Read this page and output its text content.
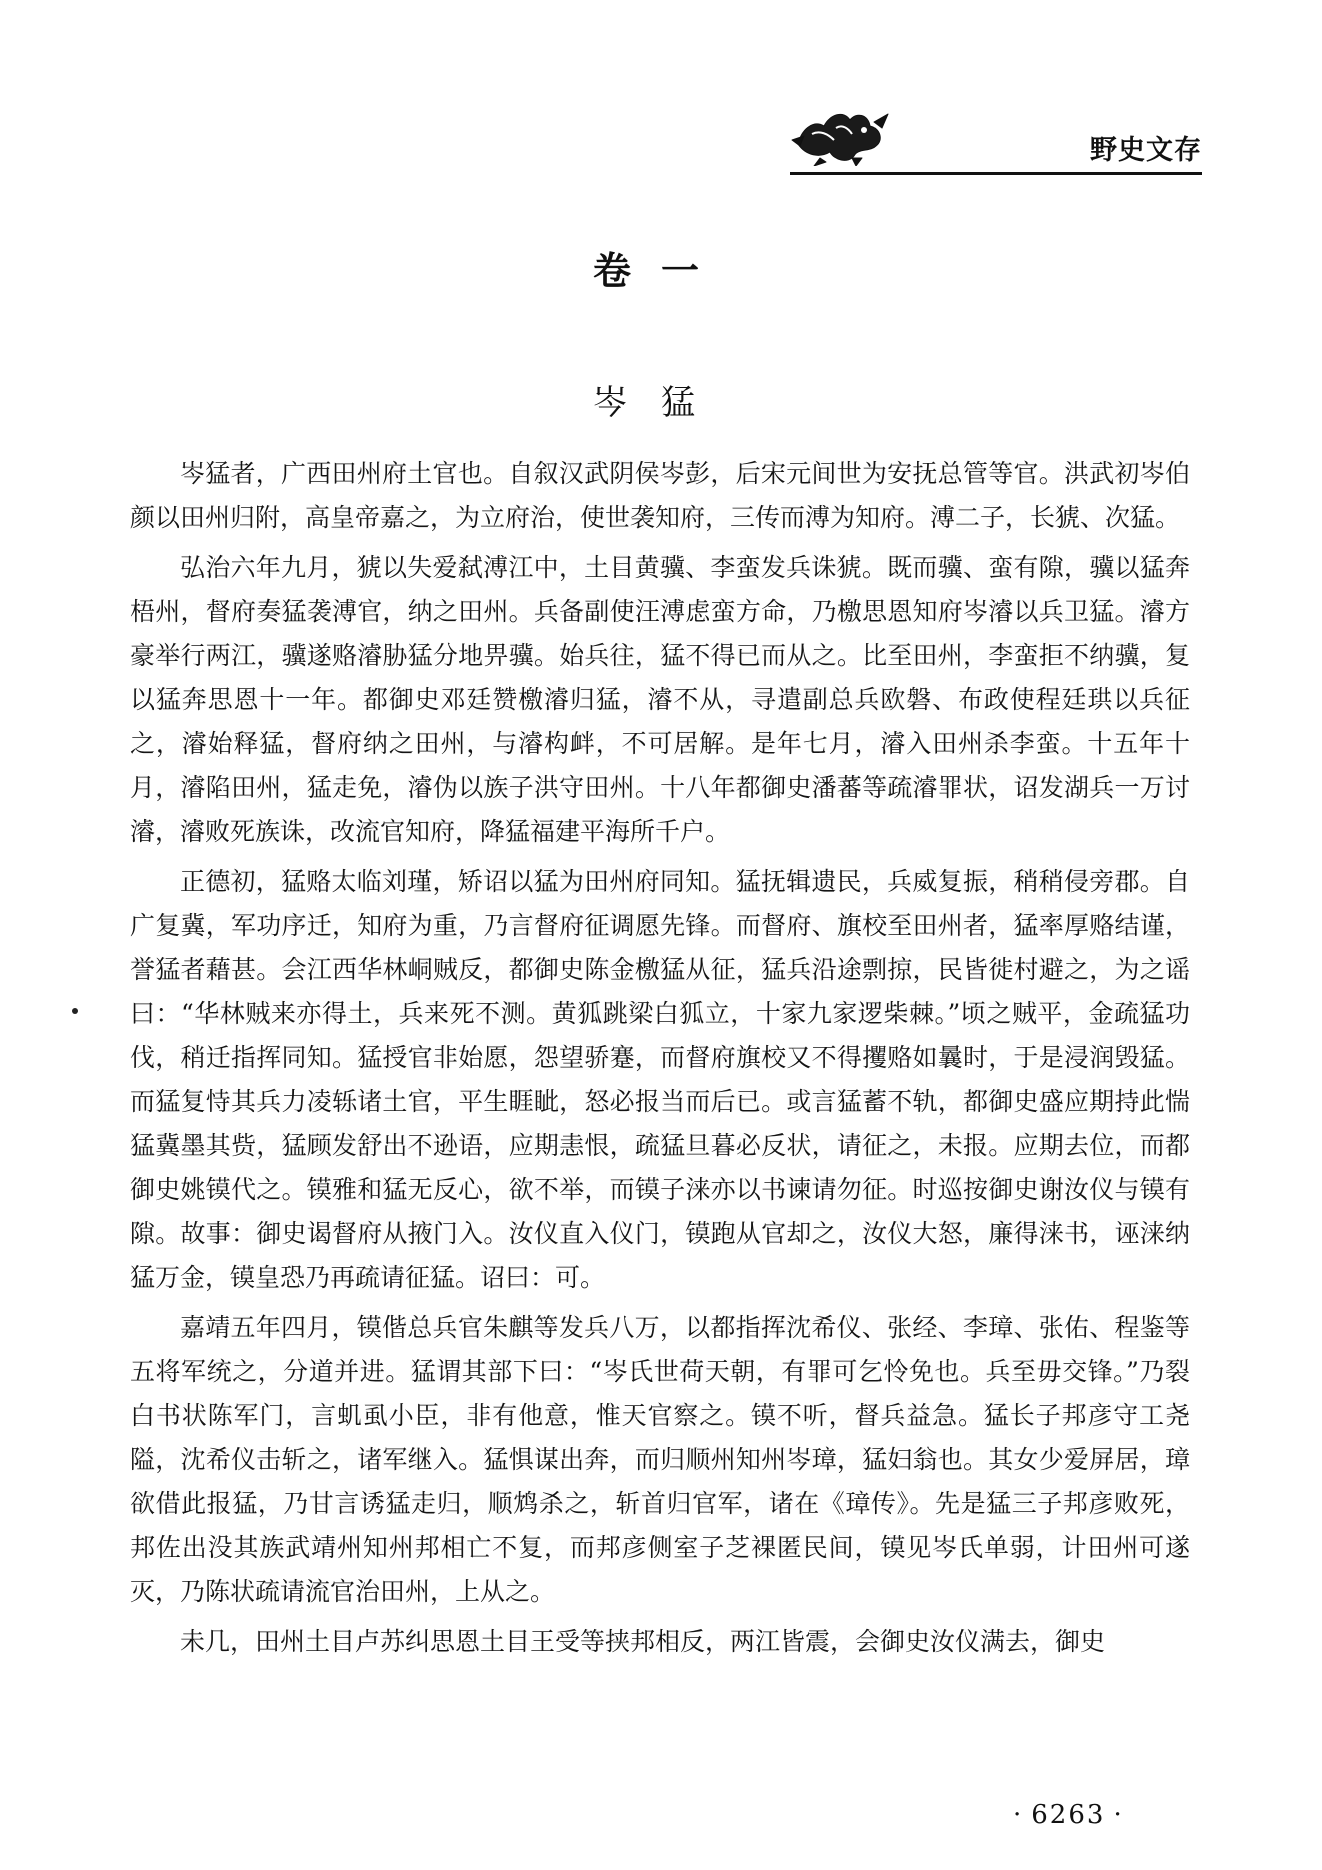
野史文存
卷一
岑猛

岑猛者，广西田州府土官也。自叙汉武阴侯岑彭，后宋元间世为安抚总管等官。洪武初岑伯颜以田州归附，高皇帝嘉之，为立府治，使世袭知府，三传而溥为知府。溥二子，长猇、次猛。

弘治六年九月，猇以失爱弑溥江中，土目黄骥、李蛮发兵诛猇。既而骥、蛮有隙，骥以猛奔梧州，督府奏猛袭溥官，纳之田州。兵备副使汪溥虑蛮方命，乃檄思恩知府岑濬以兵卫猛。濬方豪举行两江，骥遂赂濬胁猛分地畀骥。始兵往，猛不得已而从之。比至田州，李蛮拒不纳骥，复以猛奔思恩十一年。都御史邓廷赞檄濬归猛，濬不从，寻遣副总兵欧磐、布政使程廷珙以兵征之，濬始释猛，督府纳之田州，与濬构衅，不可居解。是年七月，濬入田州杀李蛮。十五年十月，濬陷田州，猛走免，濬伪以族子洪守田州。十八年都御史潘蕃等疏濬罪状，诏发湖兵一万讨濬，濬败死族诛，改流官知府，降猛福建平海所千户。

正德初，猛赂太临刘瑾，矫诏以猛为田州府同知。猛抚辑遗民，兵威复振，稍稍侵旁郡。自广复冀，军功序迁，知府为重，乃言督府征调愿先锋。而督府、旗校至田州者，猛率厚赂结谨，誉猛者藉甚。会江西华林峒贼反，都御史陈金檄猛从征，猛兵沿途剽掠，民皆徙村避之，为之谣曰：“华林贼来亦得土，兵来死不测。黄狐跳梁白狐立，十家九家逻柴棘。”顷之贼平，金疏猛功伐，稍迁指挥同知。猛授官非始愿，怨望骄蹇，而督府旗校又不得攫赂如曩时，于是浸润毁猛。而猛复恃其兵力凌轹诸土官，平生睚眦，怒必报当而后已。或言猛蓄不轨，都御史盛应期持此惴猛冀墨其赀，猛顾发舒出不逊语，应期恚恨，疏猛旦暮必反状，请征之，未报。应期去位，而都御史姚镆代之。镆雅和猛无反心，欲不举，而镆子涞亦以书谏请勿征。时巡按御史谢汝仪与镆有隙。故事：御史谒督府从掖门入。汝仪直入仪门，镆跑从官却之，汝仪大怒，廉得涞书，诬涞纳猛万金，镆皇恐乃再疏请征猛。诏曰：可。

嘉靖五年四月，镆偕总兵官朱麒等发兵八万，以都指挥沈希仪、张经、李璋、张佑、程鉴等五将军统之，分道并进。猛谓其部下曰：“岑氏世荷天朝，有罪可乞怜免也。兵至毋交锋。”乃裂白书状陈军门，言虮虱小臣，非有他意，惟天官察之。镆不听，督兵益急。猛长子邦彦守工尧隘，沈希仪击斩之，诸军继入。猛惧谋出奔，而归顺州知州岑璋，猛妇翁也。其女少爱屏居，璋欲借此报猛，乃甘言诱猛走归，顺鸩杀之，斩首归官军，诸在《璋传》。先是猛三子邦彦败死，邦佐出没其族武靖州知州邦相亡不复，而邦彦侧室子芝裸匿民间，镆见岑氏单弱，计田州可遂灭，乃陈状疏请流官治田州，上从之。

未几，田州土目卢苏纠思恩土目王受等挟邦相反，两江皆震，会御史汝仪满去，御史

· 6263 ·
